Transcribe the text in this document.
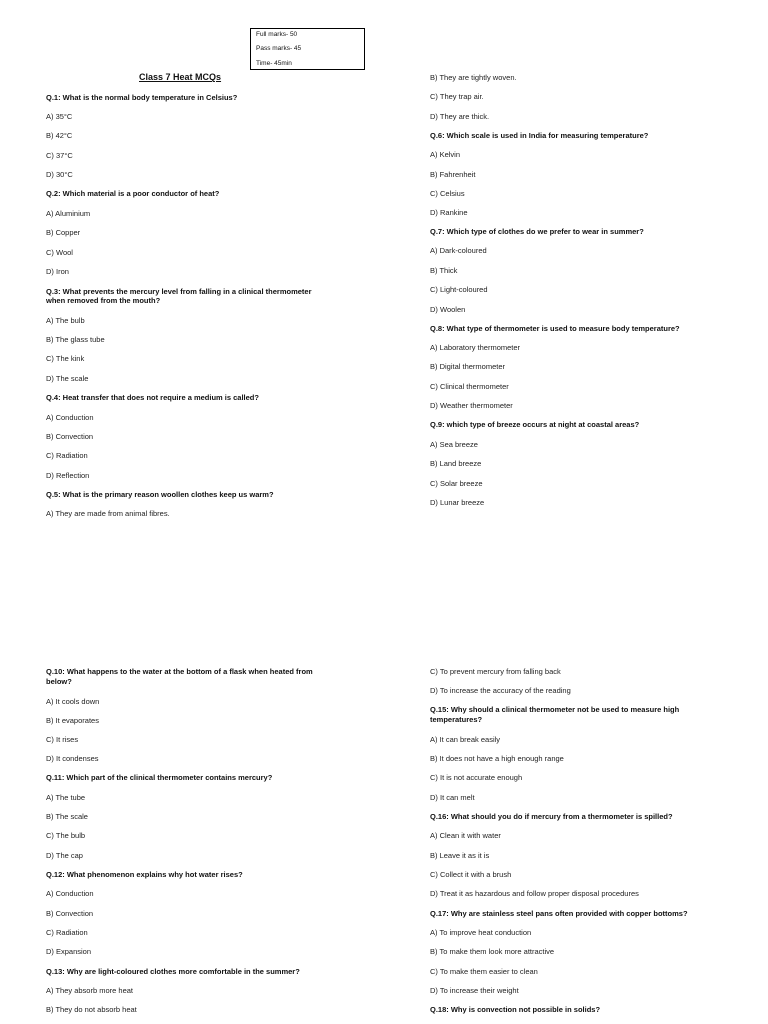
Full marks- 50
Pass marks- 45
Time- 45min
Class 7 Heat MCQs
Q.1: What is the normal body temperature in Celsius?
A) 35°C
B) 42°C
C) 37°C
D) 30°C
Q.2: Which material is a poor conductor of heat?
A) Aluminium
B) Copper
C) Wool
D) Iron
Q.3: What prevents the mercury level from falling in a clinical thermometer
when removed from the mouth?
A) The bulb
B) The glass tube
C) The kink
D) The scale
Q.4: Heat transfer that does not require a medium is called?
A) Conduction
B) Convection
C) Radiation
D) Reflection
Q.5: What is the primary reason woollen clothes keep us warm?
A) They are made from animal fibres.
B) They are tightly woven.
C) They trap air.
D) They are thick.
Q.6: Which scale is used in India for measuring temperature?
A) Kelvin
B) Fahrenheit
C) Celsius
D) Rankine
Q.7: Which type of clothes do we prefer to wear in summer?
A) Dark-coloured
B) Thick
C) Light-coloured
D) Woolen
Q.8: What type of thermometer is used to measure body temperature?
A) Laboratory thermometer
B) Digital thermometer
C) Clinical thermometer
D) Weather thermometer
Q.9: which type of breeze occurs at night at coastal areas?
A) Sea breeze
B) Land breeze
C) Solar breeze
D) Lunar breeze
Q.10: What happens to the water at the bottom of a flask when heated from
below?
A) It cools down
B) It evaporates
C) It rises
D) It condenses
Q.11: Which part of the clinical thermometer contains mercury?
A) The tube
B) The scale
C) The bulb
D) The cap
Q.12: What phenomenon explains why hot water rises?
A) Conduction
B) Convection
C) Radiation
D) Expansion
Q.13: Why are light-coloured clothes more comfortable in the summer?
A) They absorb more heat
B) They do not absorb heat
C) To prevent mercury from falling back
D) To increase the accuracy of the reading
Q.15: Why should a clinical thermometer not be used to measure high
temperatures?
A) It can break easily
B) It does not have a high enough range
C) It is not accurate enough
D) It can melt
Q.16: What should you do if mercury from a thermometer is spilled?
A) Clean it with water
B) Leave it as it is
C) Collect it with a brush
D) Treat it as hazardous and follow proper disposal procedures
Q.17: Why are stainless steel pans often provided with copper bottoms?
A) To improve heat conduction
B) To make them look more attractive
C) To make them easier to clean
D) To increase their weight
Q.18: Why is convection not possible in solids?
